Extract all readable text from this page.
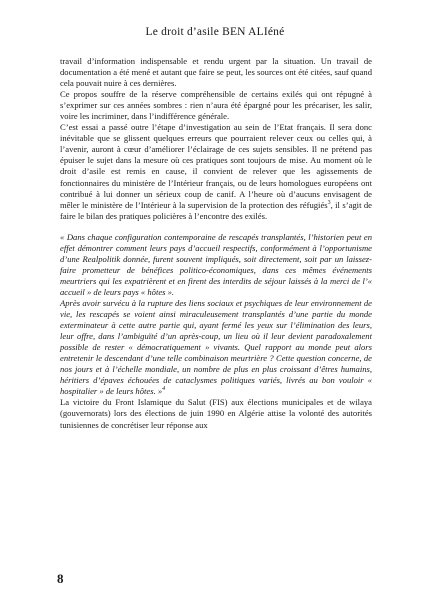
Le droit d’asile BEN ALIéné

travail d’information indispensable et rendu urgent par la situation. Un travail de documentation a été mené et autant que faire se peut, les sources ont été citées, sauf quand cela pouvait nuire à ces dernières.

Ce propos souffre de la réserve compréhensible de certains exilés qui ont répugné à s’exprimer sur ces années sombres : rien n’aura été épargné pour les précariser, les salir, voire les incriminer, dans l’indifférence générale.

C’est essai a passé outre l’étape d’investigation au sein de l’Etat français. Il sera donc inévitable que se glissent quelques erreurs que pourraient relever ceux ou celles qui, à l’avenir, auront à cœur d’améliorer l’éclairage de ces sujets sensibles. Il ne prétend pas épuiser le sujet dans la mesure où ces pratiques sont toujours de mise. Au moment où le droit d’asile est remis en cause, il convient de relever que les agissements de fonctionnaires du ministère de l’Intérieur français, ou de leurs homologues européens ont contribué à lui donner un sérieux coup de canif. A l’heure où d’aucuns envisagent de mêler le ministère de l’Intérieur à la supervision de la protection des réfugiés$^3$, il s’agit de faire le bilan des pratiques policières à l’encontre des exilés.

« Dans chaque configuration contemporaine de rescapés transplantés, l’historien peut en effet démontrer comment leurs pays d’accueil respectifs, conformément à l’opportunisme d’une Realpolitik donnée, furent souvent impliqués, soit directement, soit par un laissez-faire prometteur de bénéfices politico-économiques, dans ces mêmes événements meurtriers qui les expatrièrent et en firent des interdits de séjour laissés à la merci de l’« accueil » de leurs pays « hôtes ».

Après avoir survécu à la rupture des liens sociaux et psychiques de leur environnement de vie, les rescapés se voient ainsi miraculeusement transplantés d’une partie du monde exterminateur à cette autre partie qui, ayant fermé les yeux sur l’élimination des leurs, leur offre, dans l’ambiguïté d’un après-coup, un lieu où il leur devient paradoxalement possible de rester « démocratiquement » vivants. Quel rapport au monde peut alors entretenir le descendant d’une telle combinaison meurtrière ? Cette question concerne, de nos jours et à l’échelle mondiale, un nombre de plus en plus croissant d’êtres humains, héritiers d’épaves échouées de cataclysmes politiques variés, livrés au bon vouloir « hospitalier » de leurs hôtes. »$^4$

La victoire du Front Islamique du Salut (FIS) aux élections municipales et de wilaya (gouvernorats) lors des élections de juin 1990 en Algérie attise la volonté des autorités tunisiennes de concrétiser leur réponse aux

8
